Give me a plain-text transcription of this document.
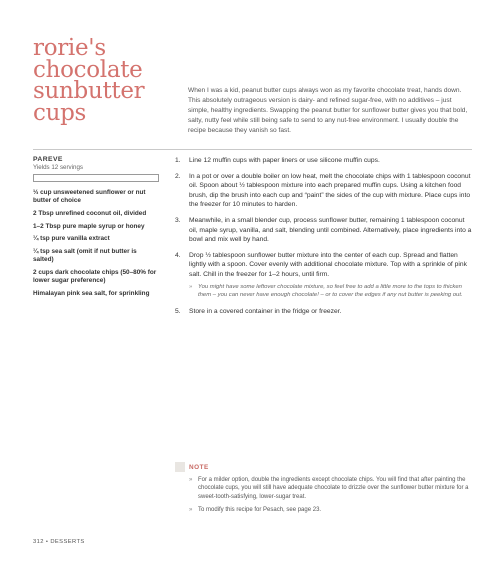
rorie's
chocolate
sunbutter
cups
When I was a kid, peanut butter cups always won as my favorite chocolate treat, hands down. This absolutely outrageous version is dairy- and refined sugar-free, with no additives – just simple, healthy ingredients. Swapping the peanut butter for sunflower butter gives you that bold, salty, nutty feel while still being safe to send to any nut-free environment. I usually double the recipe because they vanish so fast.
PAREVE
Yields 12 servings
⅓ cup unsweetened sunflower or nut butter of choice
2 Tbsp unrefined coconut oil, divided
1–2 Tbsp pure maple syrup or honey
¼ tsp pure vanilla extract
¼ tsp sea salt (omit if nut butter is salted)
2 cups dark chocolate chips (50–80% for lower sugar preference)
Himalayan pink sea salt, for sprinkling
1.	Line 12 muffin cups with paper liners or use silicone muffin cups.
2.	In a pot or over a double boiler on low heat, melt the chocolate chips with 1 tablespoon coconut oil. Spoon about ½ tablespoon mixture into each prepared muffin cups. Using a kitchen food brush, dip the brush into each cup and “paint” the sides of the cup with mixture. Place cups into the freezer for 10 minutes to harden.
3.	Meanwhile, in a small blender cup, process sunflower butter, remaining 1 tablespoon coconut oil, maple syrup, vanilla, and salt, blending until combined. Alternatively, place ingredients into a bowl and mix well by hand.
4.	Drop ½ tablespoon sunflower butter mixture into the center of each cup. Spread and flatten lightly with a spoon. Cover evenly with additional chocolate mixture. Top with a sprinkle of pink salt. Chill in the freezer for 1–2 hours, until firm.
» You might have some leftover chocolate mixture, so feel free to add a little more to the tops to thicken them – you can never have enough chocolate! – or to cover the edges if any nut butter is peeking out.
5.	Store in a covered container in the fridge or freezer.
NOTE
» For a milder option, double the ingredients except chocolate chips. You will find that after painting the chocolate cups, you will still have adequate chocolate to drizzle over the sunflower butter mixture for a sweet-tooth-satisfying, lower-sugar treat.
» To modify this recipe for Pesach, see page 23.
312 • DESSERTS
